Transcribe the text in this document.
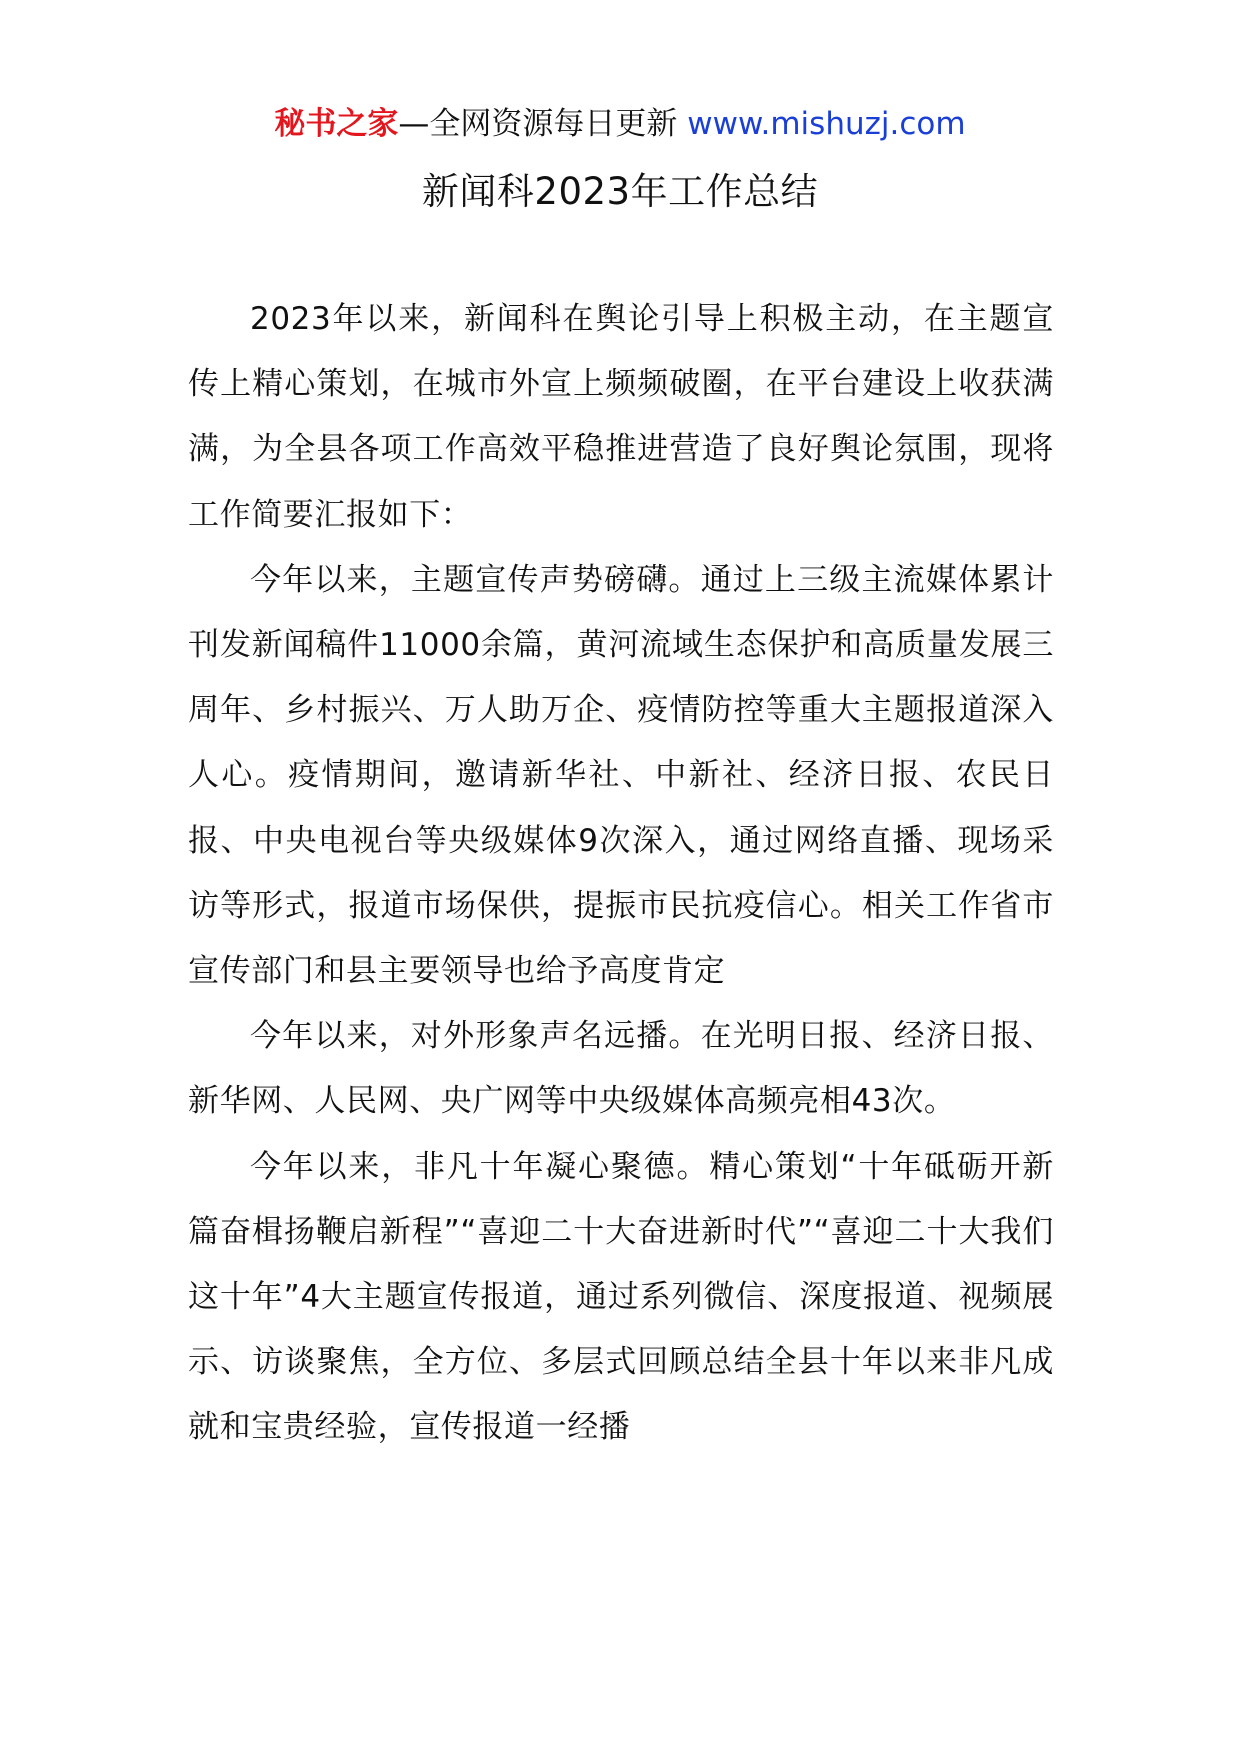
秘书之家—全网资源每日更新 www.mishuzj.com
新闻科2023年工作总结

2023年以来，新闻科在舆论引导上积极主动，在主题宣传上精心策划，在城市外宣上频频破圈，在平台建设上收获满满，为全县各项工作高效平稳推进营造了良好舆论氛围，现将工作简要汇报如下：

今年以来，主题宣传声势磅礴。通过上三级主流媒体累计刊发新闻稿件11000余篇，黄河流域生态保护和高质量发展三周年、乡村振兴、万人助万企、疫情防控等重大主题报道深入人心。疫情期间，邀请新华社、中新社、经济日报、农民日报、中央电视台等央级媒体9次深入，通过网络直播、现场采访等形式，报道市场保供，提振市民抗疫信心。相关工作省市宣传部门和县主要领导也给予高度肯定

今年以来，对外形象声名远播。在光明日报、经济日报、新华网、人民网、央广网等中央级媒体高频亮相43次。

今年以来，非凡十年凝心聚德。精心策划“十年砥砺开新篇奋楫扬鞭启新程”“喜迎二十大奋进新时代”“喜迎二十大我们这十年”4大主题宣传报道，通过系列微信、深度报道、视频展示、访谈聚焦，全方位、多层式回顾总结全县十年以来非凡成就和宝贵经验，宣传报道一经播
